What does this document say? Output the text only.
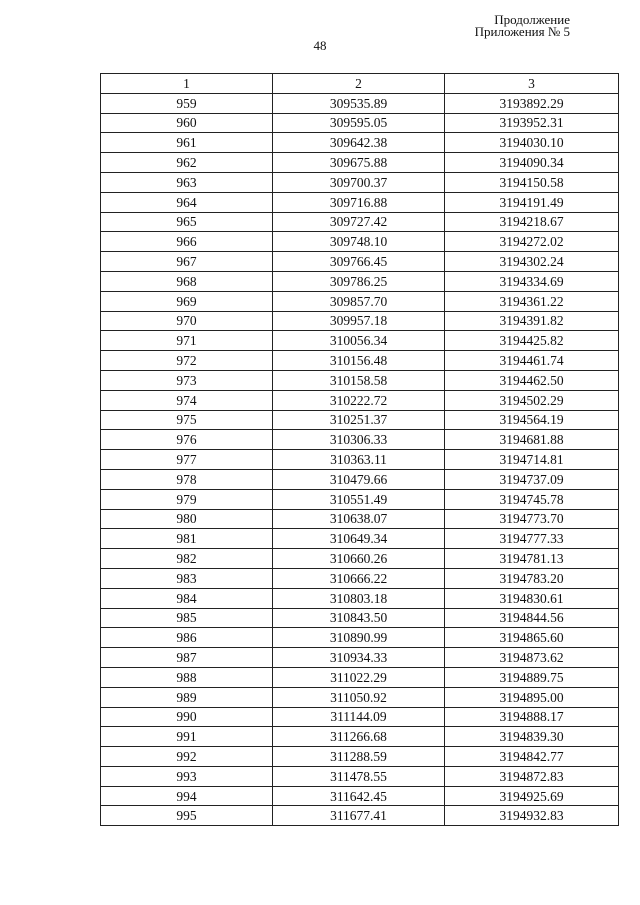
Продолжение
Приложения № 5
48
1	2	3
959	309535.89	3193892.29
960	309595.05	3193952.31
961	309642.38	3194030.10
962	309675.88	3194090.34
963	309700.37	3194150.58
964	309716.88	3194191.49
965	309727.42	3194218.67
966	309748.10	3194272.02
967	309766.45	3194302.24
968	309786.25	3194334.69
969	309857.70	3194361.22
970	309957.18	3194391.82
971	310056.34	3194425.82
972	310156.48	3194461.74
973	310158.58	3194462.50
974	310222.72	3194502.29
975	310251.37	3194564.19
976	310306.33	3194681.88
977	310363.11	3194714.81
978	310479.66	3194737.09
979	310551.49	3194745.78
980	310638.07	3194773.70
981	310649.34	3194777.33
982	310660.26	3194781.13
983	310666.22	3194783.20
984	310803.18	3194830.61
985	310843.50	3194844.56
986	310890.99	3194865.60
987	310934.33	3194873.62
988	311022.29	3194889.75
989	311050.92	3194895.00
990	311144.09	3194888.17
991	311266.68	3194839.30
992	311288.59	3194842.77
993	311478.55	3194872.83
994	311642.45	3194925.69
995	311677.41	3194932.83
